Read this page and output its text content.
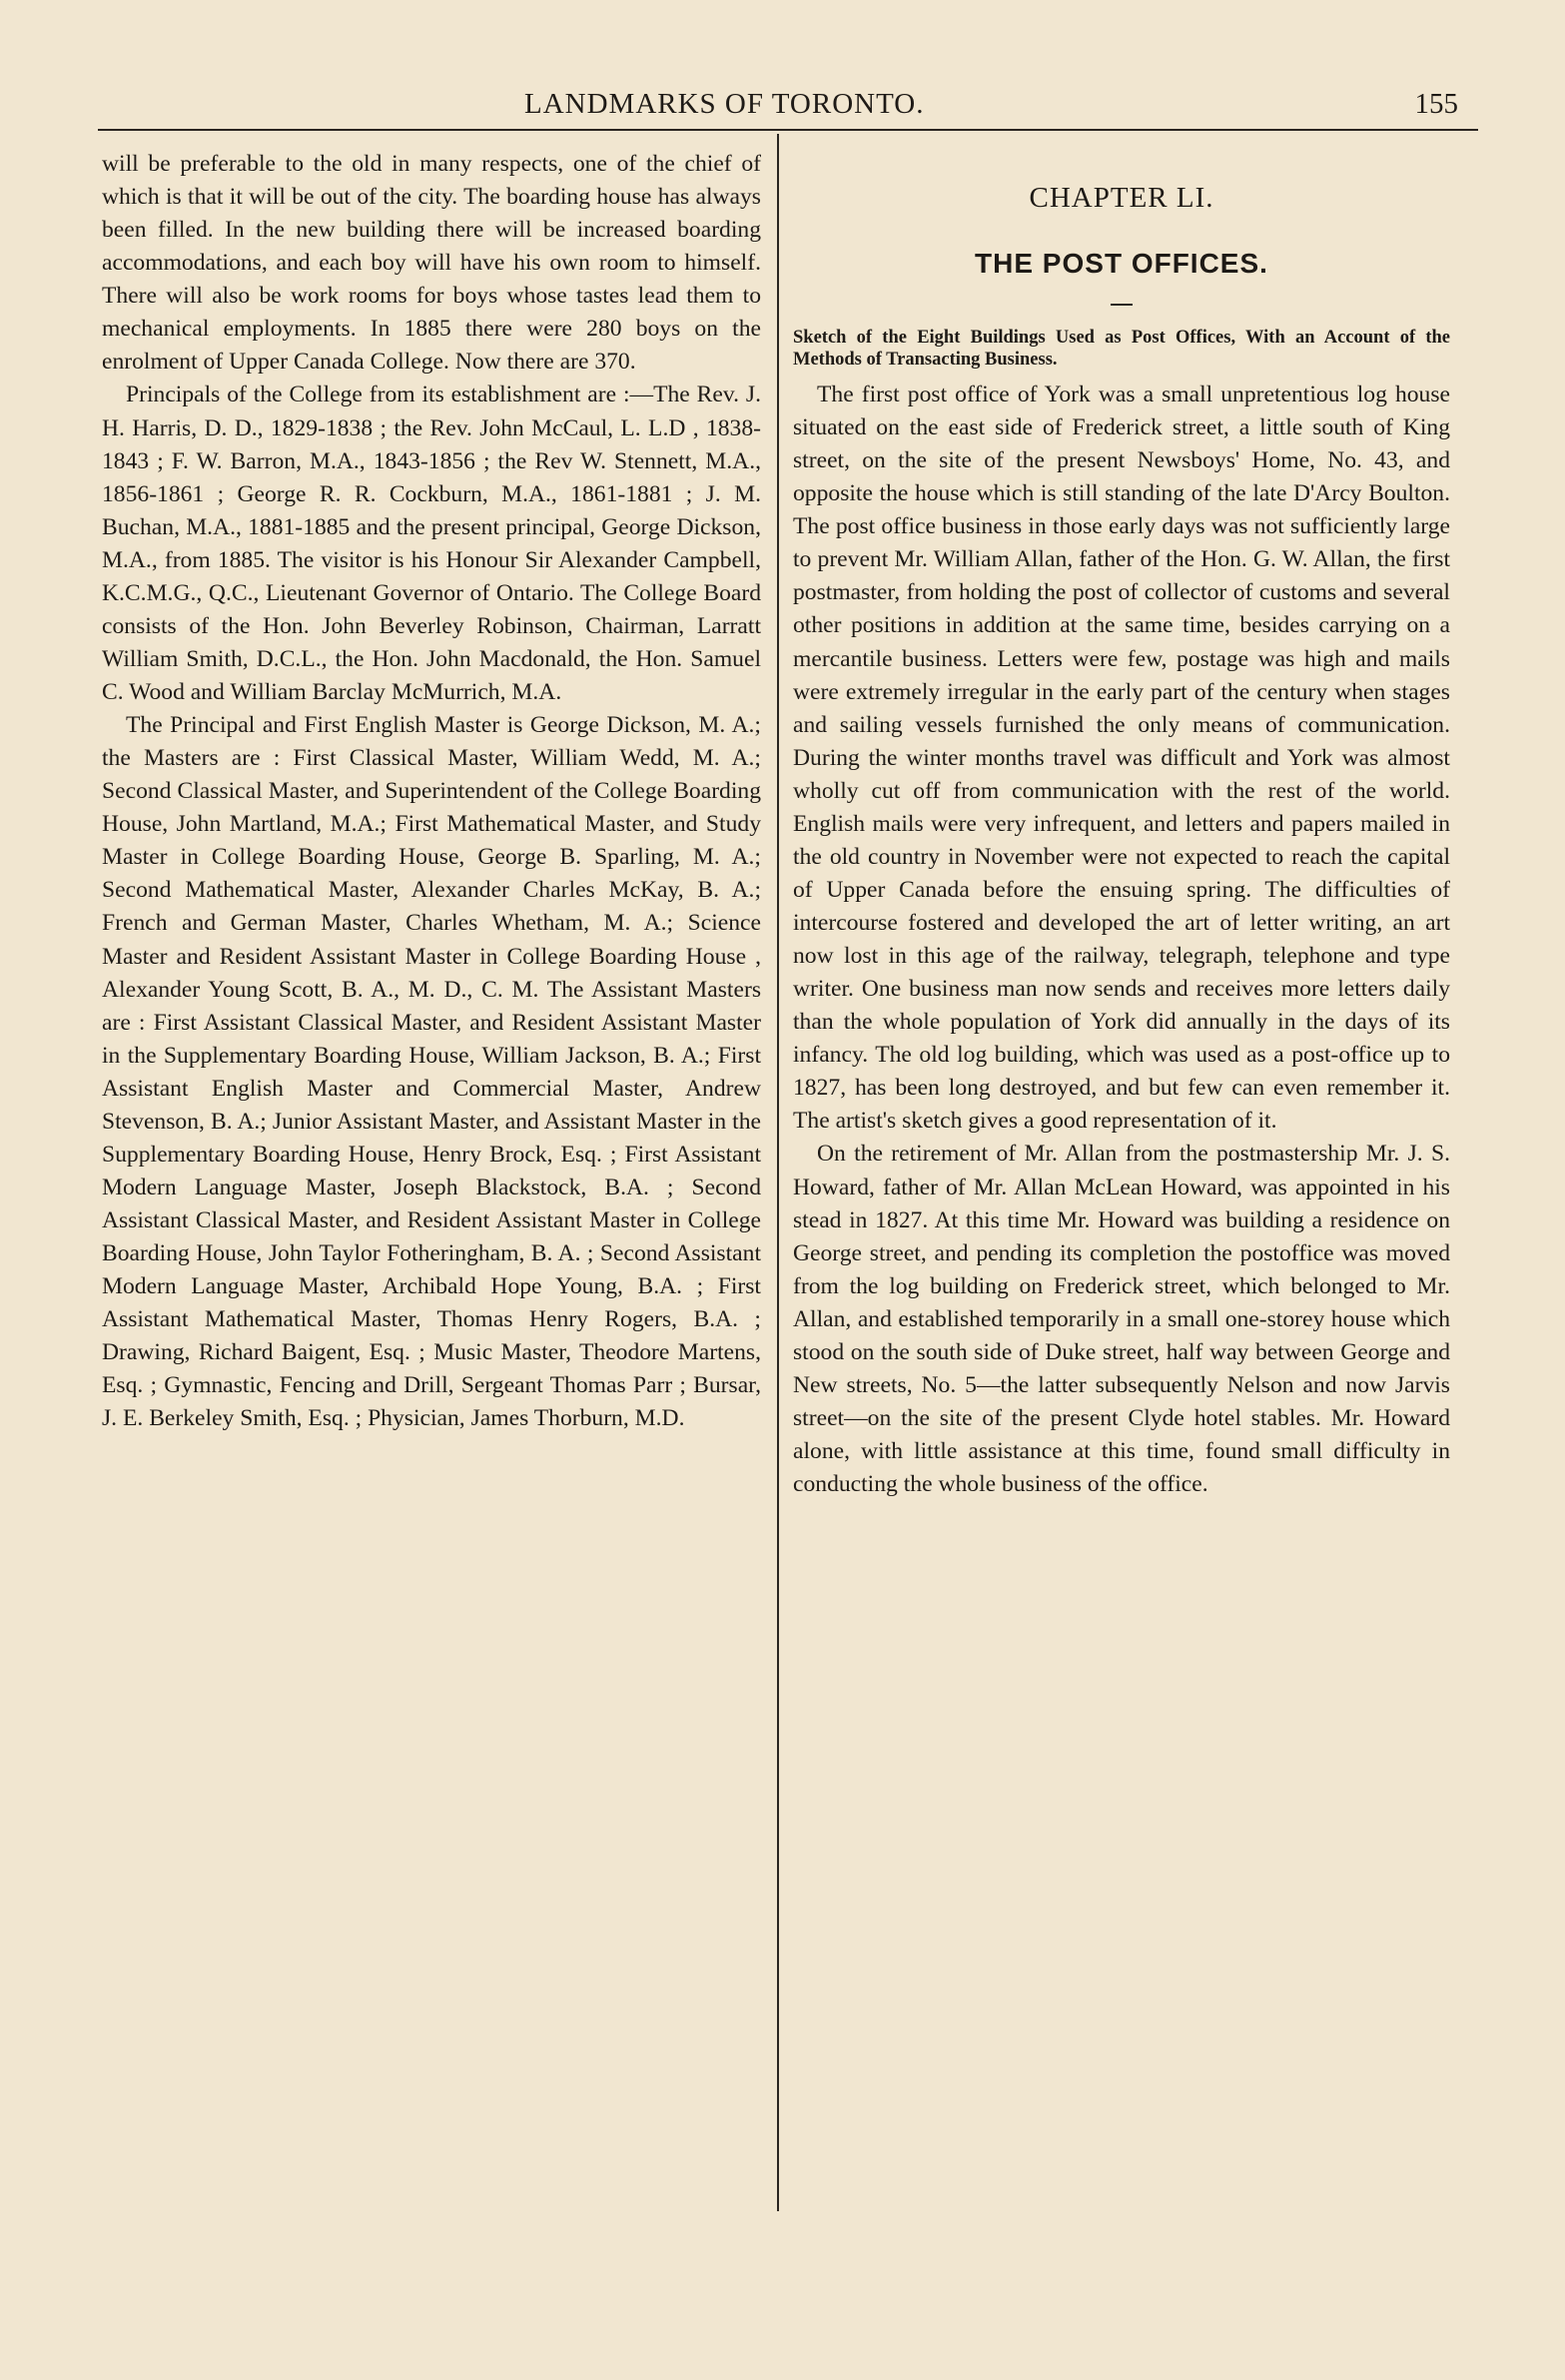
LANDMARKS OF TORONTO.	155

will be preferable to the old in many respects, one of the chief of which is that it will be out of the city. The boarding house has always been filled. In the new building there will be increased boarding accommodations, and each boy will have his own room to himself. There will also be work rooms for boys whose tastes lead them to mechanical employments. In 1885 there were 280 boys on the enrolment of Upper Canada College. Now there are 370.

Principals of the College from its establishment are :—The Rev. J. H. Harris, D. D., 1829-1838 ; the Rev. John McCaul, L. L.D , 1838-1843 ; F. W. Barron, M.A., 1843-1856 ; the Rev W. Stennett, M.A., 1856-1861 ; George R. R. Cockburn, M.A., 1861-1881 ; J. M. Buchan, M.A., 1881-1885 and the present principal, George Dickson, M.A., from 1885. The visitor is his Honour Sir Alexander Campbell, K.C.M.G., Q.C., Lieutenant Governor of Ontario. The College Board consists of the Hon. John Beverley Robinson, Chairman, Larratt William Smith, D.C.L., the Hon. John Macdonald, the Hon. Samuel C. Wood and William Barclay McMurrich, M.A.

The Principal and First English Master is George Dickson, M. A.; the Masters are : First Classical Master, William Wedd, M. A.; Second Classical Master, and Superintendent of the College Boarding House, John Martland, M.A.; First Mathematical Master, and Study Master in College Boarding House, George B. Sparling, M. A.; Second Mathematical Master, Alexander Charles McKay, B. A.; French and German Master, Charles Whetham, M. A.; Science Master and Resident Assistant Master in College Boarding House , Alexander Young Scott, B. A., M. D., C. M. The Assistant Masters are : First Assistant Classical Master, and Resident Assistant Master in the Supplementary Boarding House, William Jackson, B. A.; First Assistant English Master and Commercial Master, Andrew Stevenson, B. A.; Junior Assistant Master, and Assistant Master in the Supplementary Boarding House, Henry Brock, Esq. ; First Assistant Modern Language Master, Joseph Blackstock, B.A. ; Second Assistant Classical Master, and Resident Assistant Master in College Boarding House, John Taylor Fotheringham, B. A. ; Second Assistant Modern Language Master, Archibald Hope Young, B.A. ; First Assistant Mathematical Master, Thomas Henry Rogers, B.A. ; Drawing, Richard Baigent, Esq. ; Music Master, Theodore Martens, Esq. ; Gymnastic, Fencing and Drill, Sergeant Thomas Parr ; Bursar, J. E. Berkeley Smith, Esq. ; Physician, James Thorburn, M.D.

CHAPTER LI.
THE POST OFFICES.

Sketch of the Eight Buildings Used as Post Offices, With an Account of the Methods of Transacting Business.

The first post office of York was a small unpretentious log house situated on the east side of Frederick street, a little south of King street, on the site of the present Newsboys' Home, No. 43, and opposite the house which is still standing of the late D'Arcy Boulton. The post office business in those early days was not sufficiently large to prevent Mr. William Allan, father of the Hon. G. W. Allan, the first postmaster, from holding the post of collector of customs and several other positions in addition at the same time, besides carrying on a mercantile business. Letters were few, postage was high and mails were extremely irregular in the early part of the century when stages and sailing vessels furnished the only means of communication. During the winter months travel was difficult and York was almost wholly cut off from communication with the rest of the world. English mails were very infrequent, and letters and papers mailed in the old country in November were not expected to reach the capital of Upper Canada before the ensuing spring. The difficulties of intercourse fostered and developed the art of letter writing, an art now lost in this age of the railway, telegraph, telephone and type writer. One business man now sends and receives more letters daily than the whole population of York did annually in the days of its infancy. The old log building, which was used as a post-office up to 1827, has been long destroyed, and but few can even remember it. The artist's sketch gives a good representation of it.

On the retirement of Mr. Allan from the postmastership Mr. J. S. Howard, father of Mr. Allan McLean Howard, was appointed in his stead in 1827. At this time Mr. Howard was building a residence on George street, and pending its completion the postoffice was moved from the log building on Frederick street, which belonged to Mr. Allan, and established temporarily in a small one-storey house which stood on the south side of Duke street, half way between George and New streets, No. 5—the latter subsequently Nelson and now Jarvis street—on the site of the present Clyde hotel stables. Mr. Howard alone, with little assistance at this time, found small difficulty in conducting the whole business of the office.
